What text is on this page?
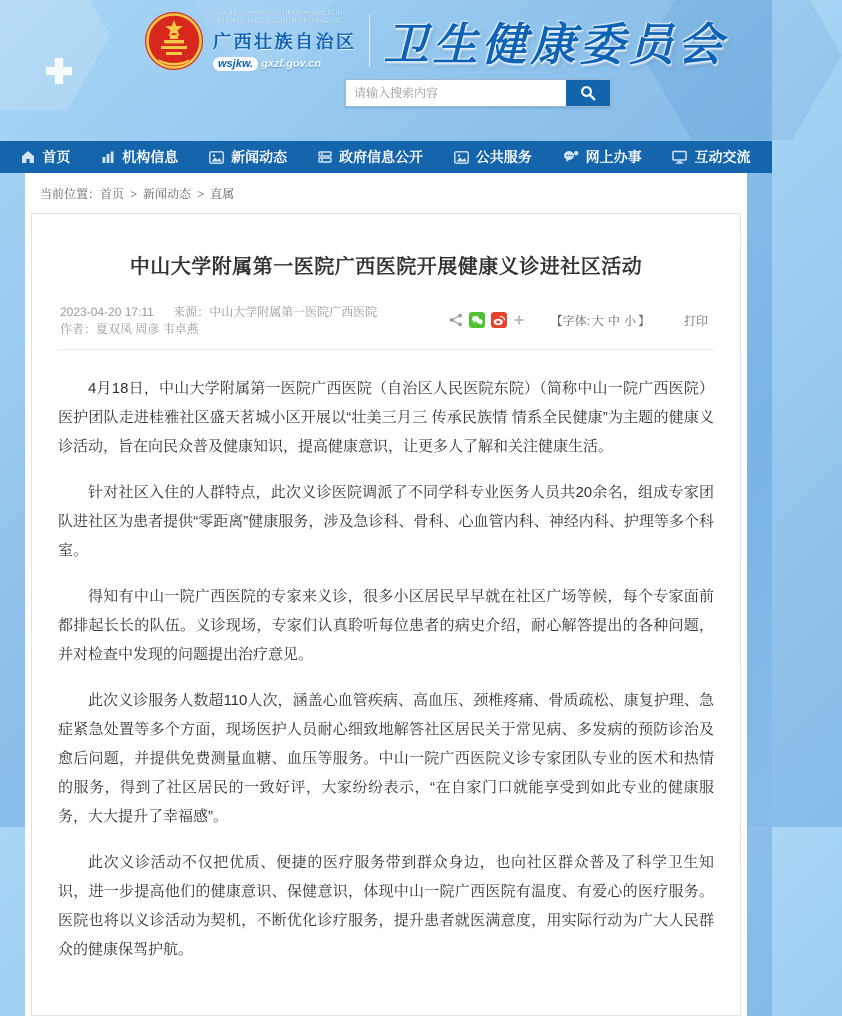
GVANGJSIH BOUXCUENGH SWCIGIH
VEISWNGH GENGANGH VEIYENZVEI
广西壮族自治区
wsjkw. gxzf.gov.cn 卫生健康委员会
请输入搜索内容
首页	机构信息	新闻动态	政府信息公开	公共服务	网上办事	互动交流
当前位置：首页 > 新闻动态 > 直属
中山大学附属第一医院广西医院开展健康义诊进社区活动
2023-04-20 17:11 来源：中山大学附属第一医院广西医院 作者：夏双凤 周彦 韦卓燕
【字体: 大 中 小 】	打印

4月18日，中山大学附属第一医院广西医院（自治区人民医院东院）（简称中山一院广西医院）医护团队走进桂雅社区盛天茗城小区开展以“壮美三月三 传承民族情 情系全民健康”为主题的健康义诊活动，旨在向民众普及健康知识，提高健康意识，让更多人了解和关注健康生活。

针对社区入住的人群特点，此次义诊医院调派了不同学科专业医务人员共20余名，组成专家团队进社区为患者提供“零距离”健康服务，涉及急诊科、骨科、心血管内科、神经内科、护理等多个科室。

得知有中山一院广西医院的专家来义诊，很多小区居民早早就在社区广场等候，每个专家面前都排起长长的队伍。义诊现场，专家们认真聆听每位患者的病史介绍，耐心解答提出的各种问题，并对检查中发现的问题提出治疗意见。

此次义诊服务人数超110人次，涵盖心血管疾病、高血压、颈椎疼痛、骨质疏松、康复护理、急症紧急处置等多个方面，现场医护人员耐心细致地解答社区居民关于常见病、多发病的预防诊治及愈后问题，并提供免费测量血糖、血压等服务。中山一院广西医院义诊专家团队专业的医术和热情的服务，得到了社区居民的一致好评，大家纷纷表示，“在自家门口就能享受到如此专业的健康服务，大大提升了幸福感”。

此次义诊活动不仅把优质、便捷的医疗服务带到群众身边，也向社区群众普及了科学卫生知识，进一步提高他们的健康意识、保健意识，体现中山一院广西医院有温度、有爱心的医疗服务。医院也将以义诊活动为契机，不断优化诊疗服务，提升患者就医满意度，用实际行动为广大人民群众的健康保驾护航。
